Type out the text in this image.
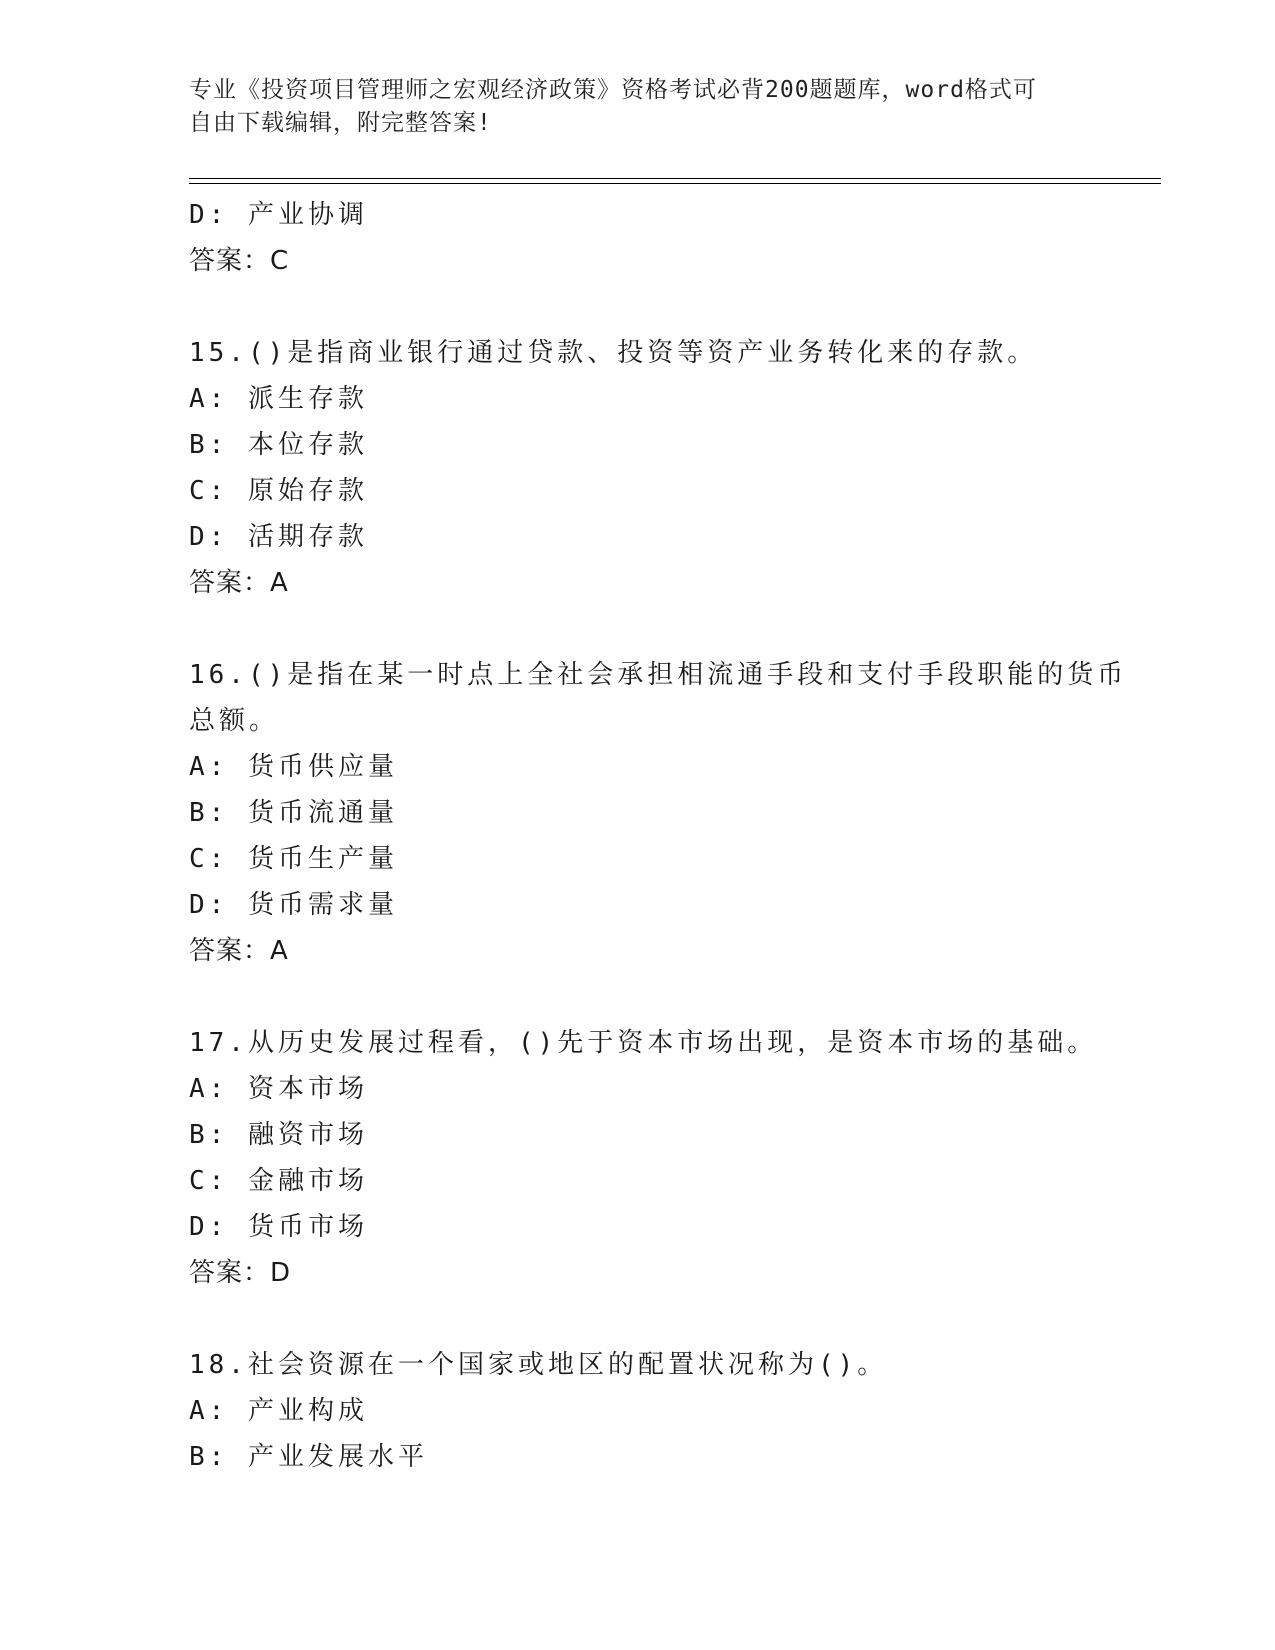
专业《投资项目管理师之宏观经济政策》资格考试必背200题题库，word格式可
自由下载编辑，附完整答案!
D: 产业协调
答案：C
15.()是指商业银行通过贷款、投资等资产业务转化来的存款。
A: 派生存款
B: 本位存款
C: 原始存款
D: 活期存款
答案：A
16.()是指在某一时点上全社会承担相流通手段和支付手段职能的货币
总额。
A: 货币供应量
B: 货币流通量
C: 货币生产量
D: 货币需求量
答案：A
17.从历史发展过程看，()先于资本市场出现，是资本市场的基础。
A: 资本市场
B: 融资市场
C: 金融市场
D: 货币市场
答案：D
18.社会资源在一个国家或地区的配置状况称为()。
A: 产业构成
B: 产业发展水平
